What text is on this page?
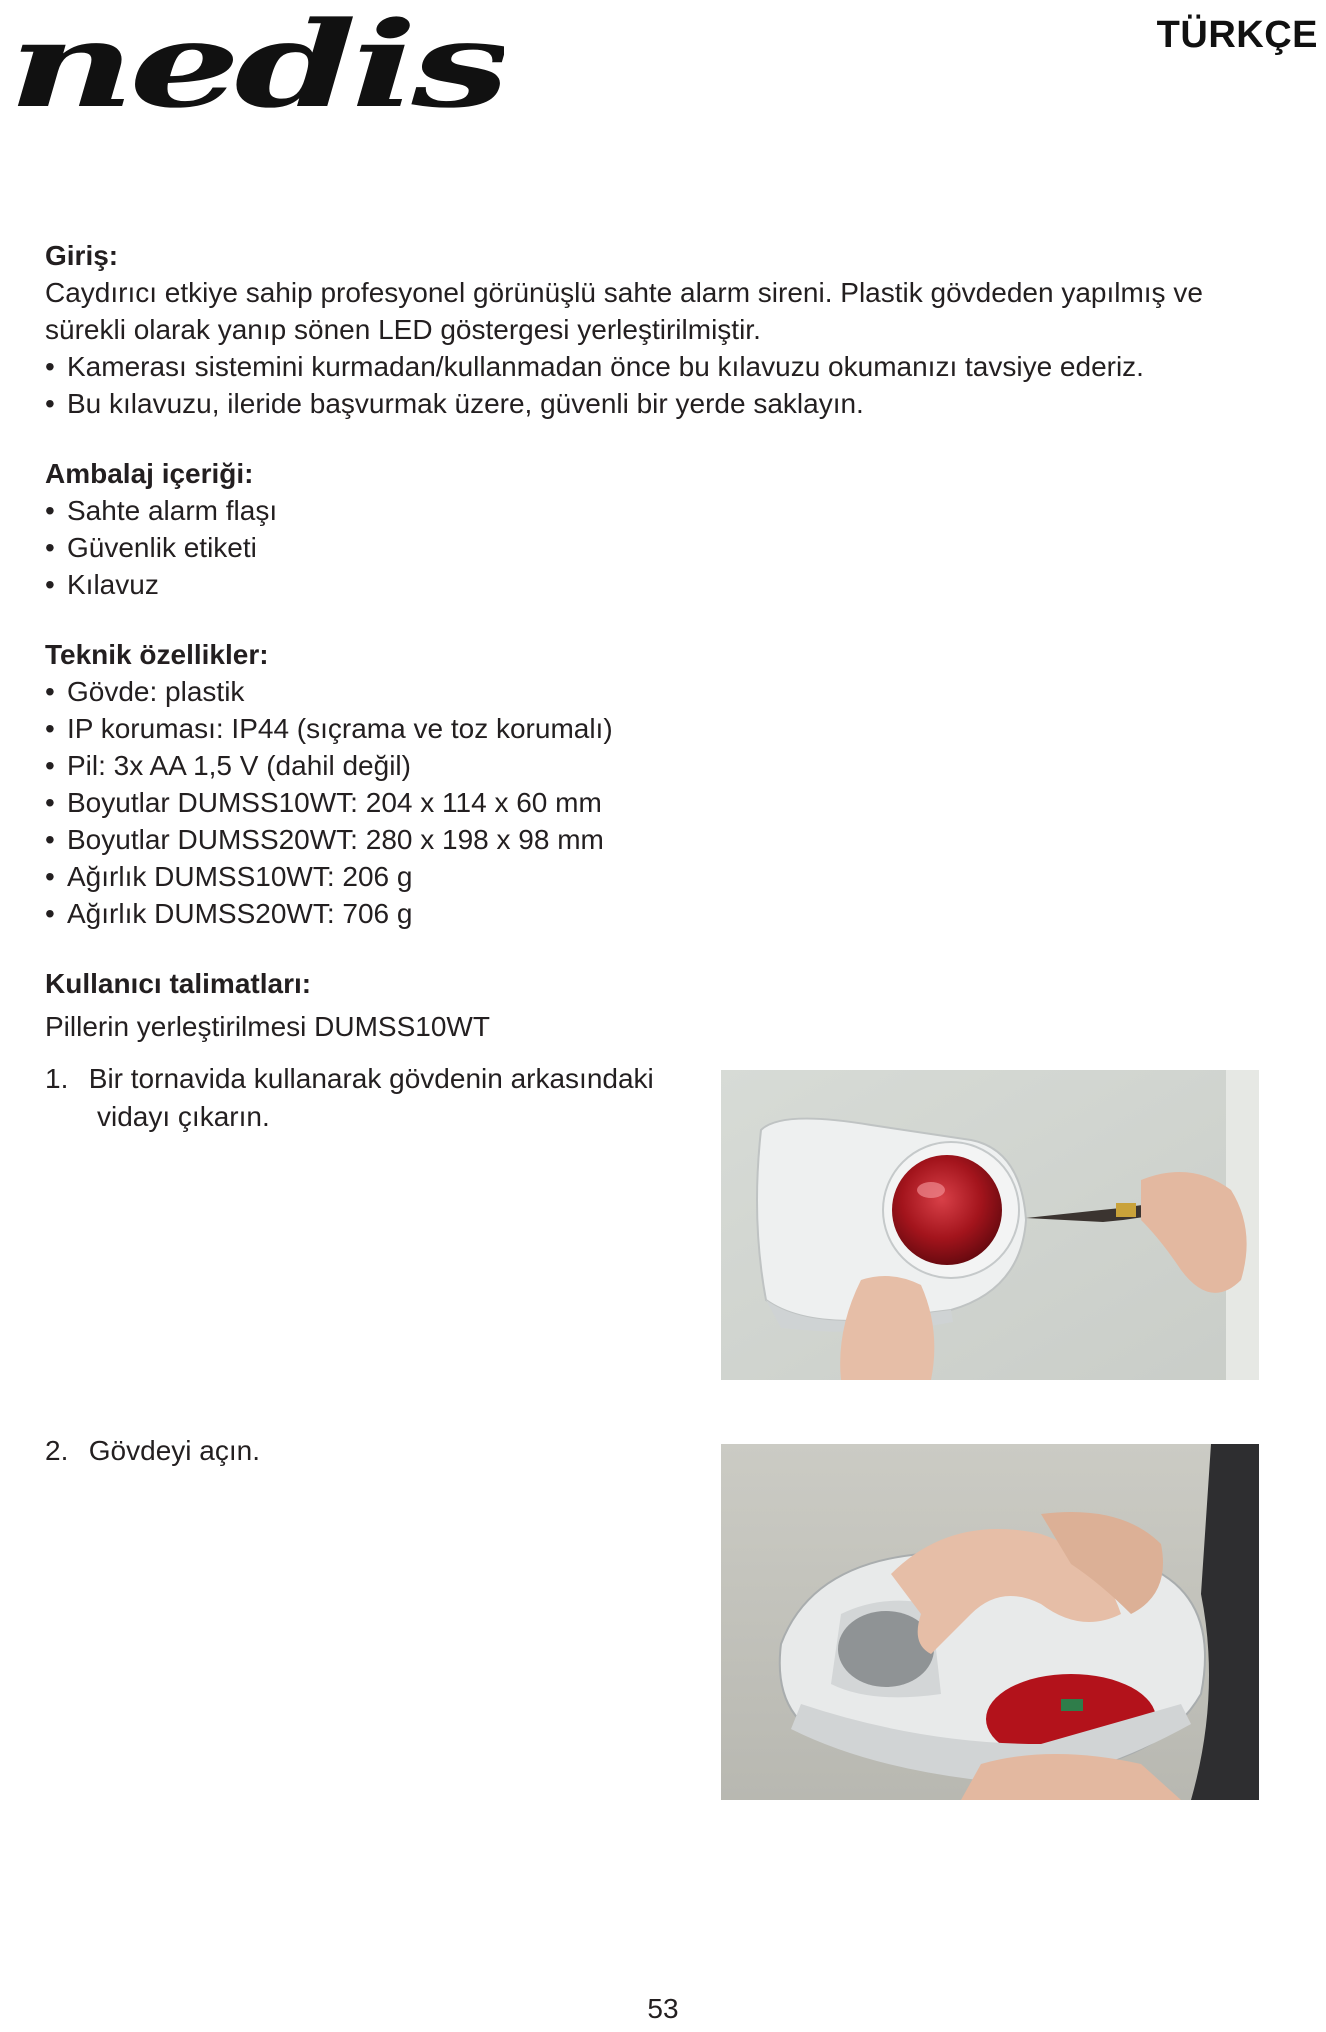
nedis	TÜRKÇE
Giriş:
Caydırıcı etkiye sahip profesyonel görünüşlü sahte alarm sireni. Plastik gövdeden yapılmış ve
sürekli olarak yanıp sönen LED göstergesi yerleştirilmiştir.
• Kamerası sistemini kurmadan/kullanmadan önce bu kılavuzu okumanızı tavsiye ederiz.
• Bu kılavuzu, ileride başvurmak üzere, güvenli bir yerde saklayın.
Ambalaj içeriği:
• Sahte alarm flaşı
• Güvenlik etiketi
• Kılavuz
Teknik özellikler:
• Gövde: plastik
• IP koruması: IP44 (sıçrama ve toz korumalı)
• Pil: 3x AA 1,5 V (dahil değil)
• Boyutlar DUMSS10WT: 204 x 114 x 60 mm
• Boyutlar DUMSS20WT: 280 x 198 x 98 mm
• Ağırlık DUMSS10WT: 206 g
• Ağırlık DUMSS20WT: 706 g
Kullanıcı talimatları:
Pillerin yerleştirilmesi DUMSS10WT
1. Bir tornavida kullanarak gövdenin arkasındaki
vidayı çıkarın.
2. Gövdeyi açın.
53
